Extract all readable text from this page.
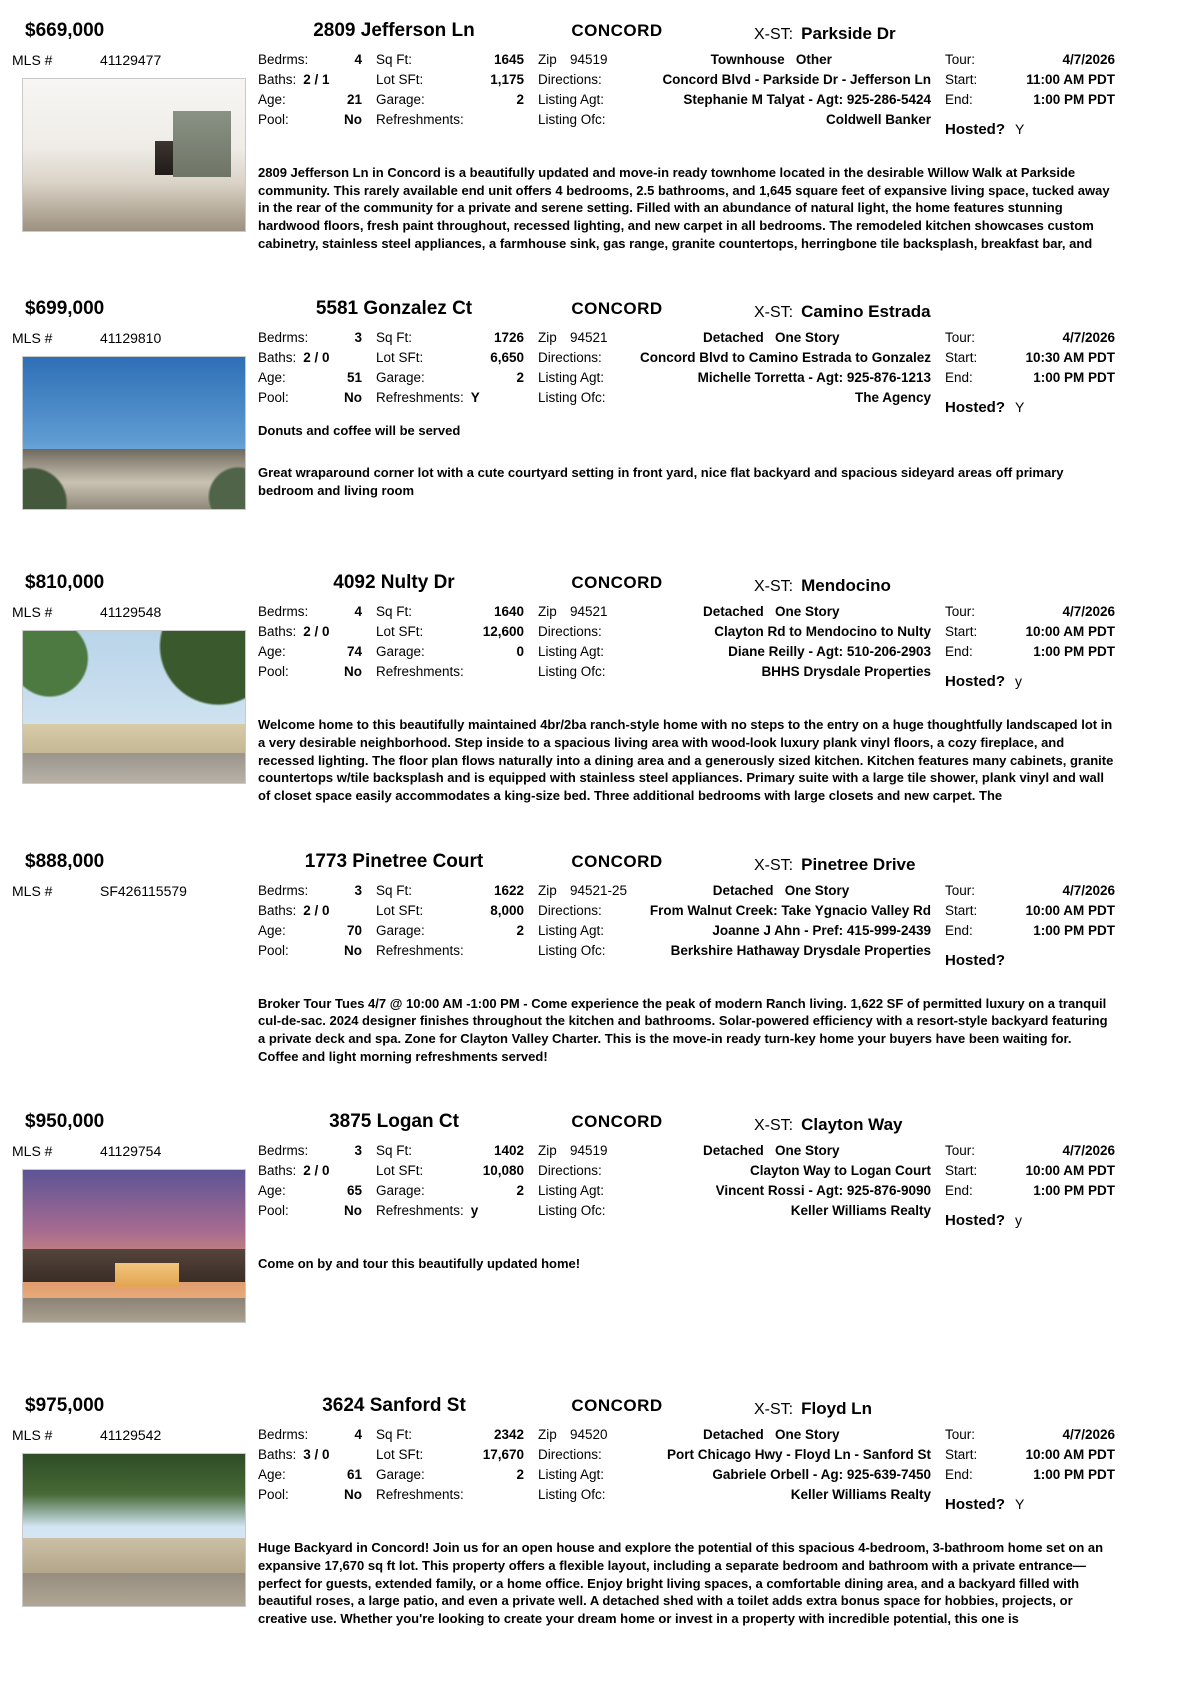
$669,000	2809 Jefferson Ln	CONCORD	X-ST: Parkside Dr
MLS #	41129477	Bedrms:	4 Sq Ft:	1645 Zip 94519	Townhouse   Other	Tour:	4/7/2026
Baths: 2 / 1	Lot SFt:	1,175 Directions:	Concord Blvd - Parkside Dr - Jefferson Ln Start:	11:00 AM PDT
Age:	21 Garage:	2 Listing Agt:	Stephanie M Talyat - Agt: 925-286-5424 End:	1:00 PM PDT
Pool:	No Refreshments:	Listing Ofc:	Coldwell Banker
Hosted? Y
2809 Jefferson Ln in Concord is a beautifully updated and move-in ready townhome located in the desirable Willow Walk at Parkside community. This rarely available end unit offers 4 bedrooms, 2.5 bathrooms, and 1,645 square feet of expansive living space, tucked away in the rear of the community for a private and serene setting. Filled with an abundance of natural light, the home features stunning hardwood floors, fresh paint throughout, recessed lighting, and new carpet in all bedrooms. The remodeled kitchen showcases custom cabinetry, stainless steel appliances, a farmhouse sink, gas range, granite countertops, herringbone tile backsplash, breakfast bar, and
$699,000	5581 Gonzalez Ct	CONCORD	X-ST: Camino Estrada
MLS #	41129810	Bedrms:	3 Sq Ft:	1726 Zip 94521	Detached   One Story	Tour:	4/7/2026
Baths: 2 / 0	Lot SFt:	6,650 Directions:	Concord Blvd to Camino Estrada to Gonzalez Start:	10:30 AM PDT
Age:	51 Garage:	2 Listing Agt:	Michelle Torretta - Agt: 925-876-1213 End:	1:00 PM PDT
Pool:	No Refreshments: Y	Listing Ofc:	The Agency
Hosted? Y
Donuts and coffee will be served
Great wraparound corner lot with a cute courtyard setting in front yard, nice flat backyard and spacious sideyard areas off primary bedroom and living room
$810,000	4092 Nulty Dr	CONCORD	X-ST: Mendocino
MLS #	41129548	Bedrms:	4 Sq Ft:	1640 Zip 94521	Detached   One Story	Tour:	4/7/2026
Baths: 2 / 0	Lot SFt:	12,600 Directions:	Clayton Rd to Mendocino to Nulty Start:	10:00 AM PDT
Age:	74 Garage:	0 Listing Agt:	Diane Reilly - Agt: 510-206-2903 End:	1:00 PM PDT
Pool:	No Refreshments:	Listing Ofc:	BHHS Drysdale Properties
Hosted? y
Welcome home to this beautifully maintained 4br/2ba ranch-style home with no steps to the entry on a huge thoughtfully landscaped lot in a very desirable neighborhood. Step inside to a spacious living area with wood-look luxury plank vinyl floors, a cozy fireplace, and recessed lighting. The floor plan flows naturally into a dining area and a generously sized kitchen. Kitchen features many cabinets, granite countertops w/tile backsplash and is equipped with stainless steel appliances. Primary suite with a large tile shower, plank vinyl and wall of closet space easily accommodates a king-size bed. Three additional bedrooms with large closets and new carpet. The
$888,000	1773 Pinetree Court	CONCORD	X-ST: Pinetree Drive
MLS #	SF426115579	Bedrms:	3 Sq Ft:	1622 Zip 94521-25	Detached   One Story	Tour:	4/7/2026
Baths: 2 / 0	Lot SFt:	8,000 Directions:	From Walnut Creek: Take Ygnacio Valley Rd Start:	10:00 AM PDT
Age:	70 Garage:	2 Listing Agt:	Joanne J Ahn - Pref: 415-999-2439 End:	1:00 PM PDT
Pool:	No Refreshments:	Listing Ofc:	Berkshire Hathaway Drysdale Properties
Hosted?
Broker Tour Tues 4/7 @ 10:00 AM -1:00 PM - Come experience the peak of modern Ranch living. 1,622 SF of permitted luxury on a tranquil cul-de-sac. 2024 designer finishes throughout the kitchen and bathrooms. Solar-powered efficiency with a resort-style backyard featuring a private deck and spa. Zone for Clayton Valley Charter. This is the move-in ready turn-key home your buyers have been waiting for. Coffee and light morning refreshments served!
$950,000	3875 Logan Ct	CONCORD	X-ST: Clayton Way
MLS #	41129754	Bedrms:	3 Sq Ft:	1402 Zip 94519	Detached   One Story	Tour:	4/7/2026
Baths: 2 / 0	Lot SFt:	10,080 Directions:	Clayton Way to Logan Court Start:	10:00 AM PDT
Age:	65 Garage:	2 Listing Agt:	Vincent Rossi - Agt: 925-876-9090 End:	1:00 PM PDT
Pool:	No Refreshments: y	Listing Ofc:	Keller Williams Realty
Hosted? y
Come on by and tour this beautifully updated home!
$975,000	3624 Sanford St	CONCORD	X-ST: Floyd Ln
MLS #	41129542	Bedrms:	4 Sq Ft:	2342 Zip 94520	Detached   One Story	Tour:	4/7/2026
Baths: 3 / 0	Lot SFt:	17,670 Directions:	Port Chicago Hwy - Floyd Ln - Sanford St Start:	10:00 AM PDT
Age:	61 Garage:	2 Listing Agt:	Gabriele Orbell - Ag: 925-639-7450 End:	1:00 PM PDT
Pool:	No Refreshments:	Listing Ofc:	Keller Williams Realty
Hosted? Y
Huge Backyard in Concord! Join us for an open house and explore the potential of this spacious 4-bedroom, 3-bathroom home set on an expansive 17,670 sq ft lot. This property offers a flexible layout, including a separate bedroom and bathroom with a private entrance—perfect for guests, extended family, or a home office. Enjoy bright living spaces, a comfortable dining area, and a backyard filled with beautiful roses, a large patio, and even a private well. A detached shed with a toilet adds extra bonus space for hobbies, projects, or creative use. Whether you're looking to create your dream home or invest in a property with incredible potential, this one is
